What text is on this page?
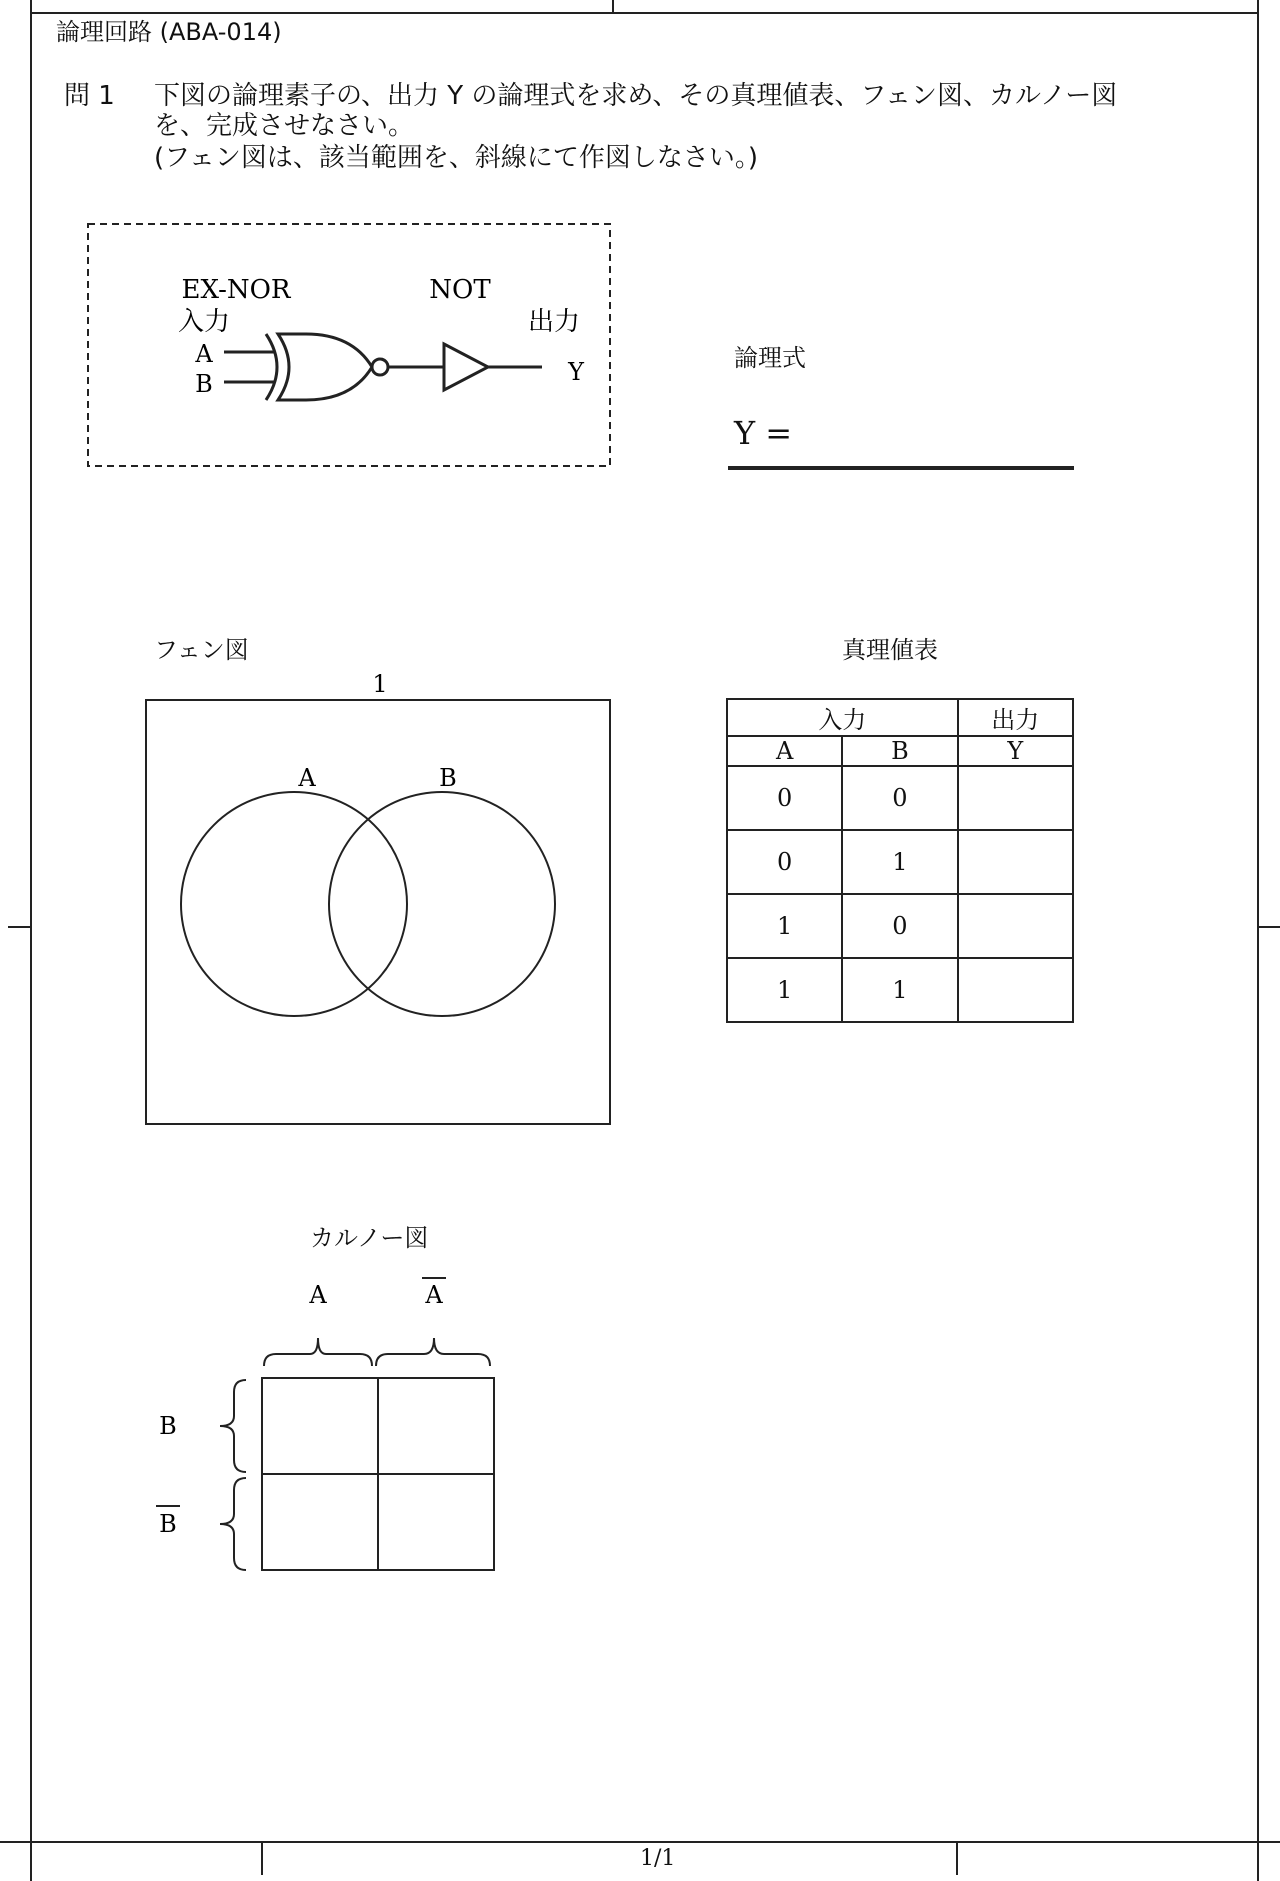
論理回路 (ABA-014)
問 1 下図の論理素子の、出力 Y の論理式を求め、その真理値表、フェン図、カルノー図
を、完成させなさい。
(フェン図は、該当範囲を、斜線にて作図しなさい。)
EX-NOR	NOT
入力	出力
A
B	Y	論理式
Y =
フェン図
1
A	B
真理値表
入力		出力
A	B	Y
0	0	
0	1	
1	0	
1	1	
カルノー図
A	A
B
B
1/1
